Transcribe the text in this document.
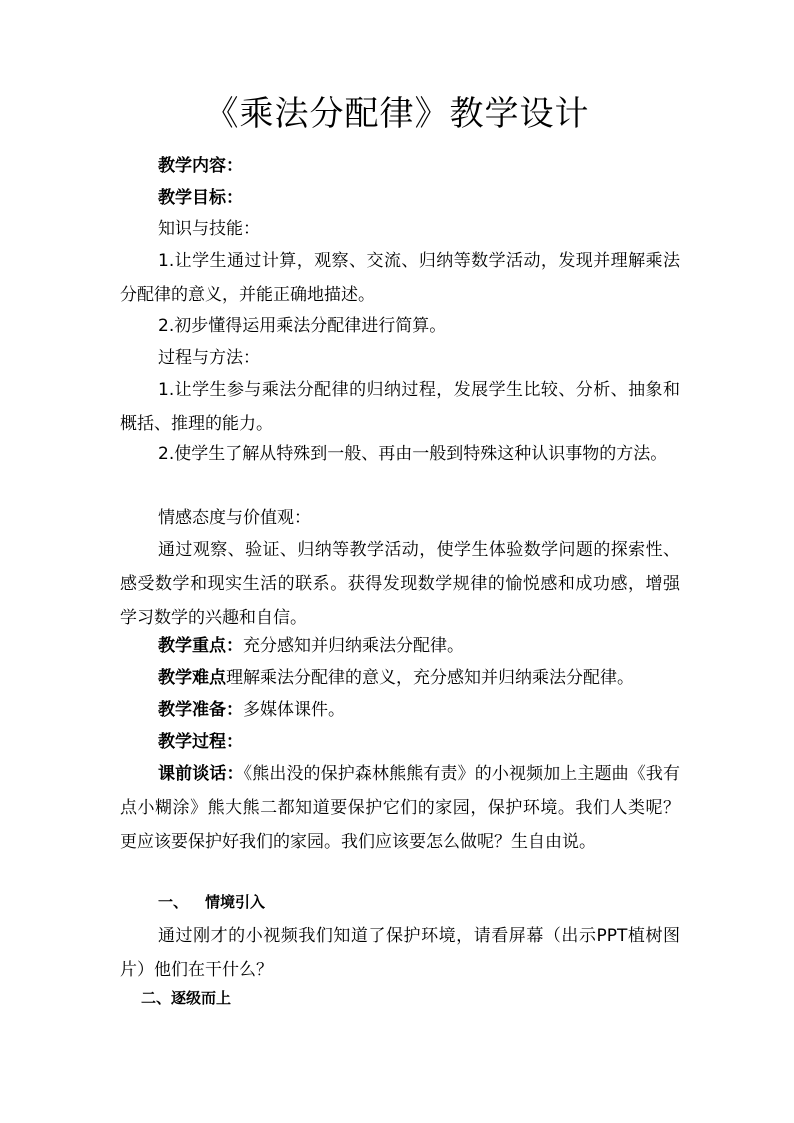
《乘法分配律》教学设计
教学内容：
教学目标：
知识与技能：

1.让学生通过计算，观察、交流、归纳等数学活动，发现并理解乘法分配律的意义，并能正确地描述。

2.初步懂得运用乘法分配律进行简算。

过程与方法：

1.让学生参与乘法分配律的归纳过程，发展学生比较、分析、抽象和概括、推理的能力。

2.使学生了解从特殊到一般、再由一般到特殊这种认识事物的方法。

情感态度与价值观：

通过观察、验证、归纳等教学活动，使学生体验数学问题的探索性、感受数学和现实生活的联系。获得发现数学规律的愉悦感和成功感，增强学习数学的兴趣和自信。

教学重点：充分感知并归纳乘法分配律。
教学难点理解乘法分配律的意义，充分感知并归纳乘法分配律。
教学准备：多媒体课件。
教学过程：

课前谈话：《熊出没的保护森林熊熊有责》的小视频加上主题曲《我有点小糊涂》熊大熊二都知道要保护它们的家园，保护环境。我们人类呢？更应该要保护好我们的家园。我们应该要怎么做呢？生自由说。

一、 情境引入

通过刚才的小视频我们知道了保护环境，请看屏幕（出示PPT植树图片）他们在干什么？

二、逐级而上
